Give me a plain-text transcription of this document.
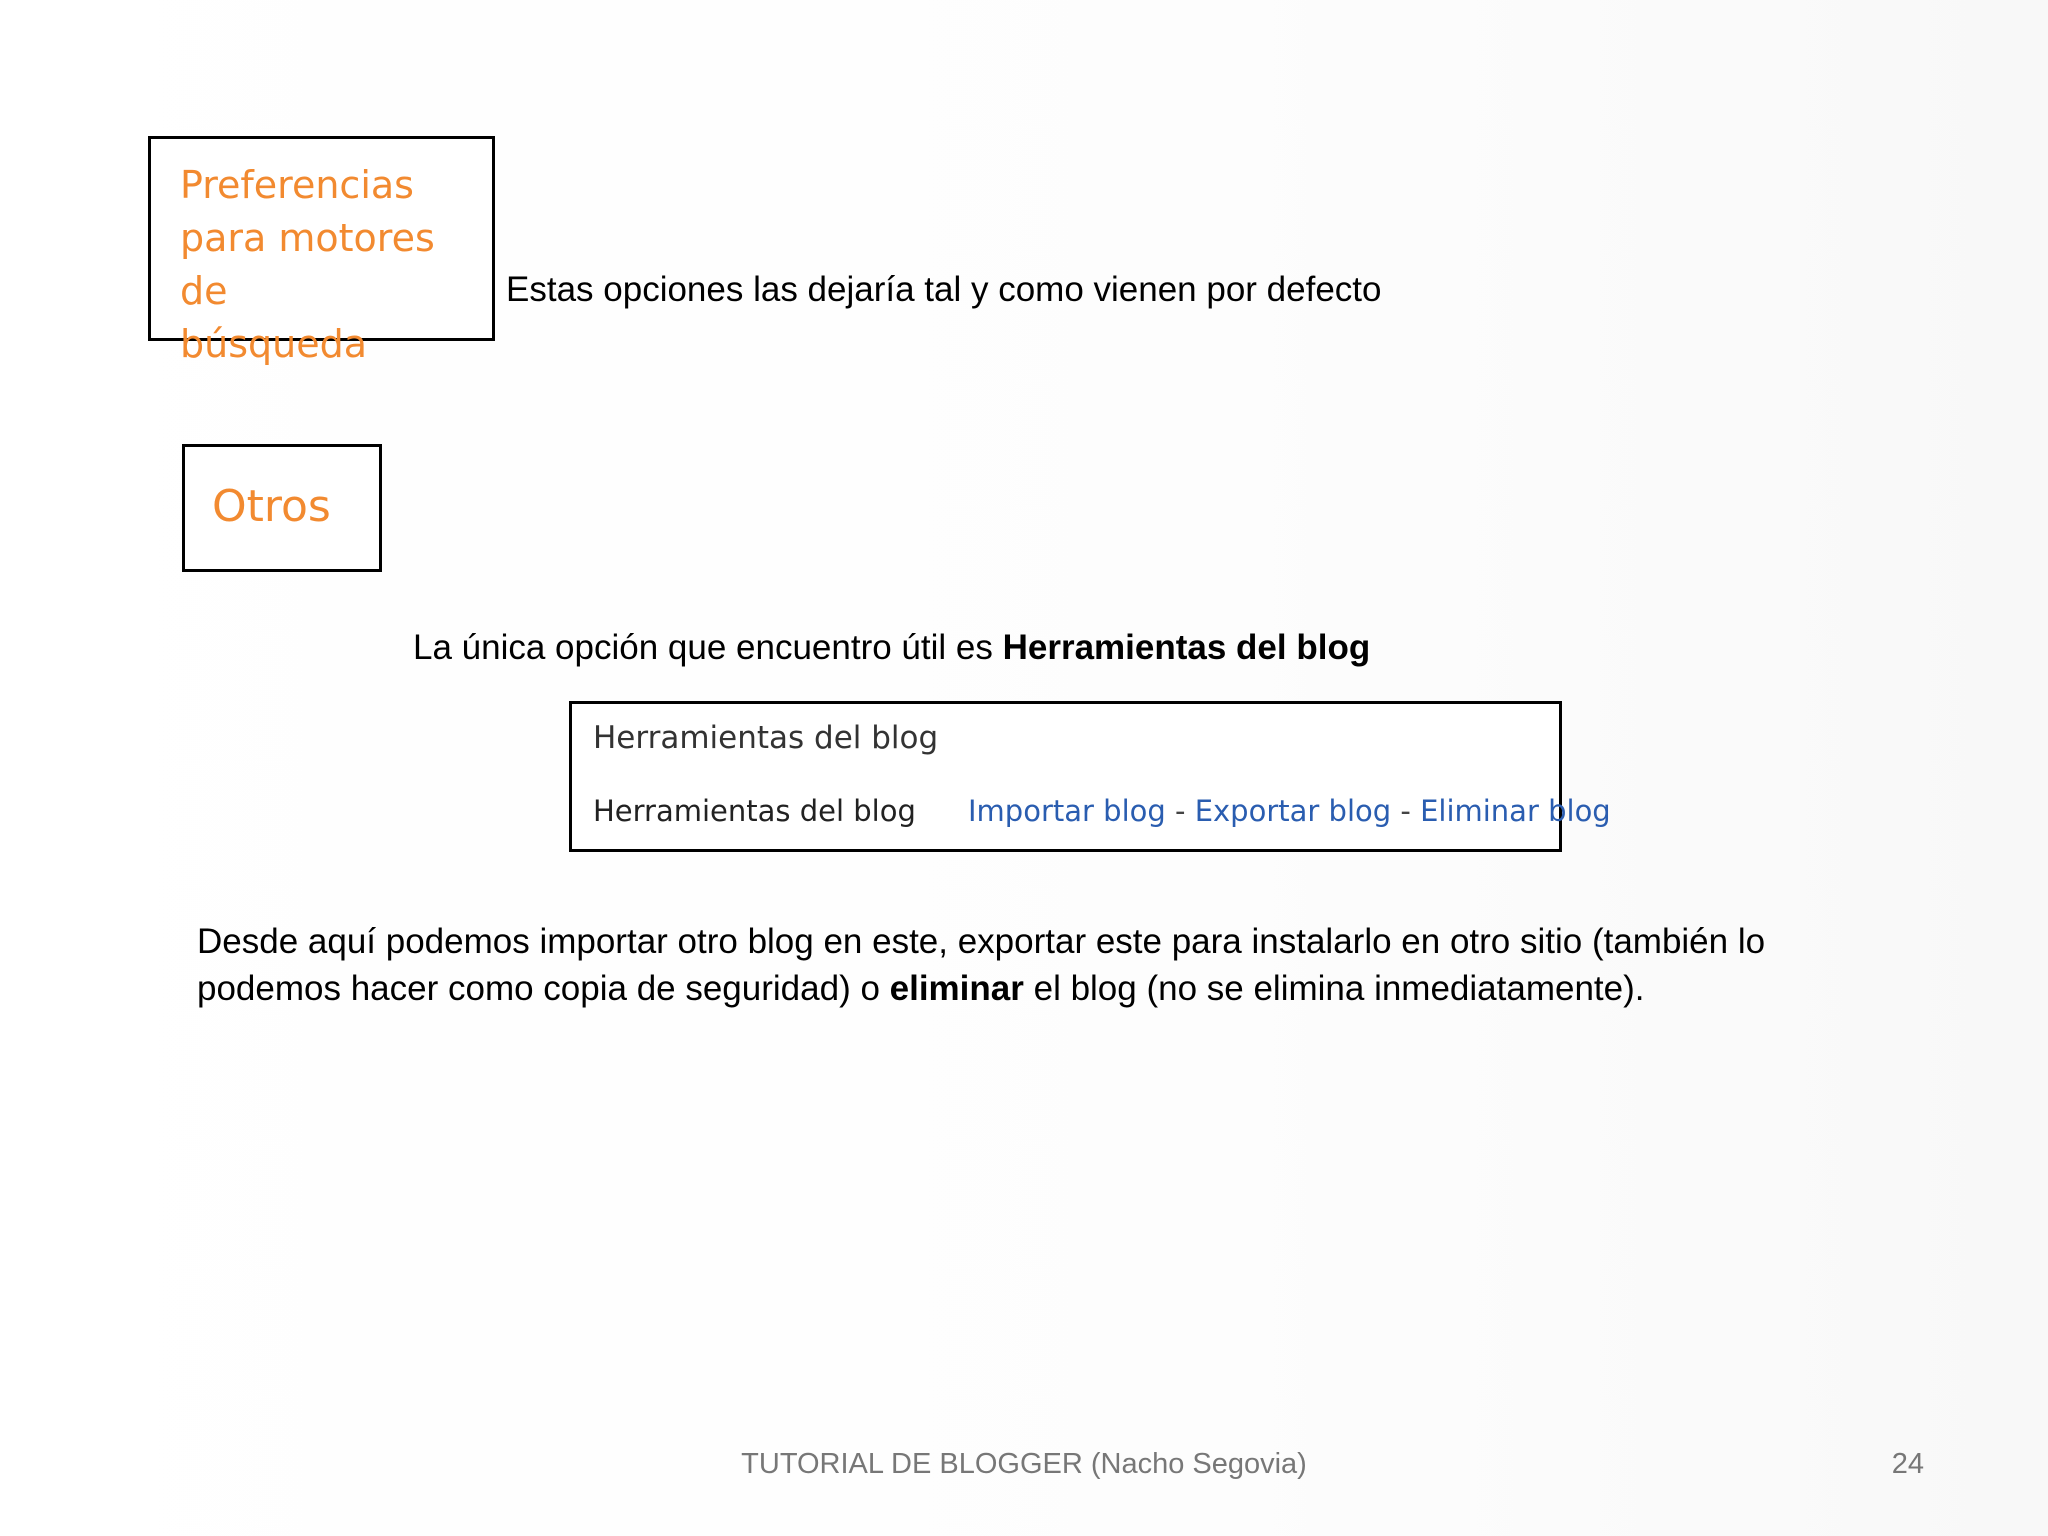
Preferencias
para motores de
búsqueda
Estas opciones las dejaría tal y como vienen por defecto
Otros
La única opción que encuentro útil es Herramientas del blog
Herramientas del blog
Herramientas del blog Importar blog - Exportar blog - Eliminar blog
Desde aquí podemos importar otro blog en este, exportar este para instalarlo en otro sitio (también lo podemos hacer como copia de seguridad) o eliminar el blog (no se elimina inmediatamente).
TUTORIAL DE BLOGGER (Nacho Segovia)	24
